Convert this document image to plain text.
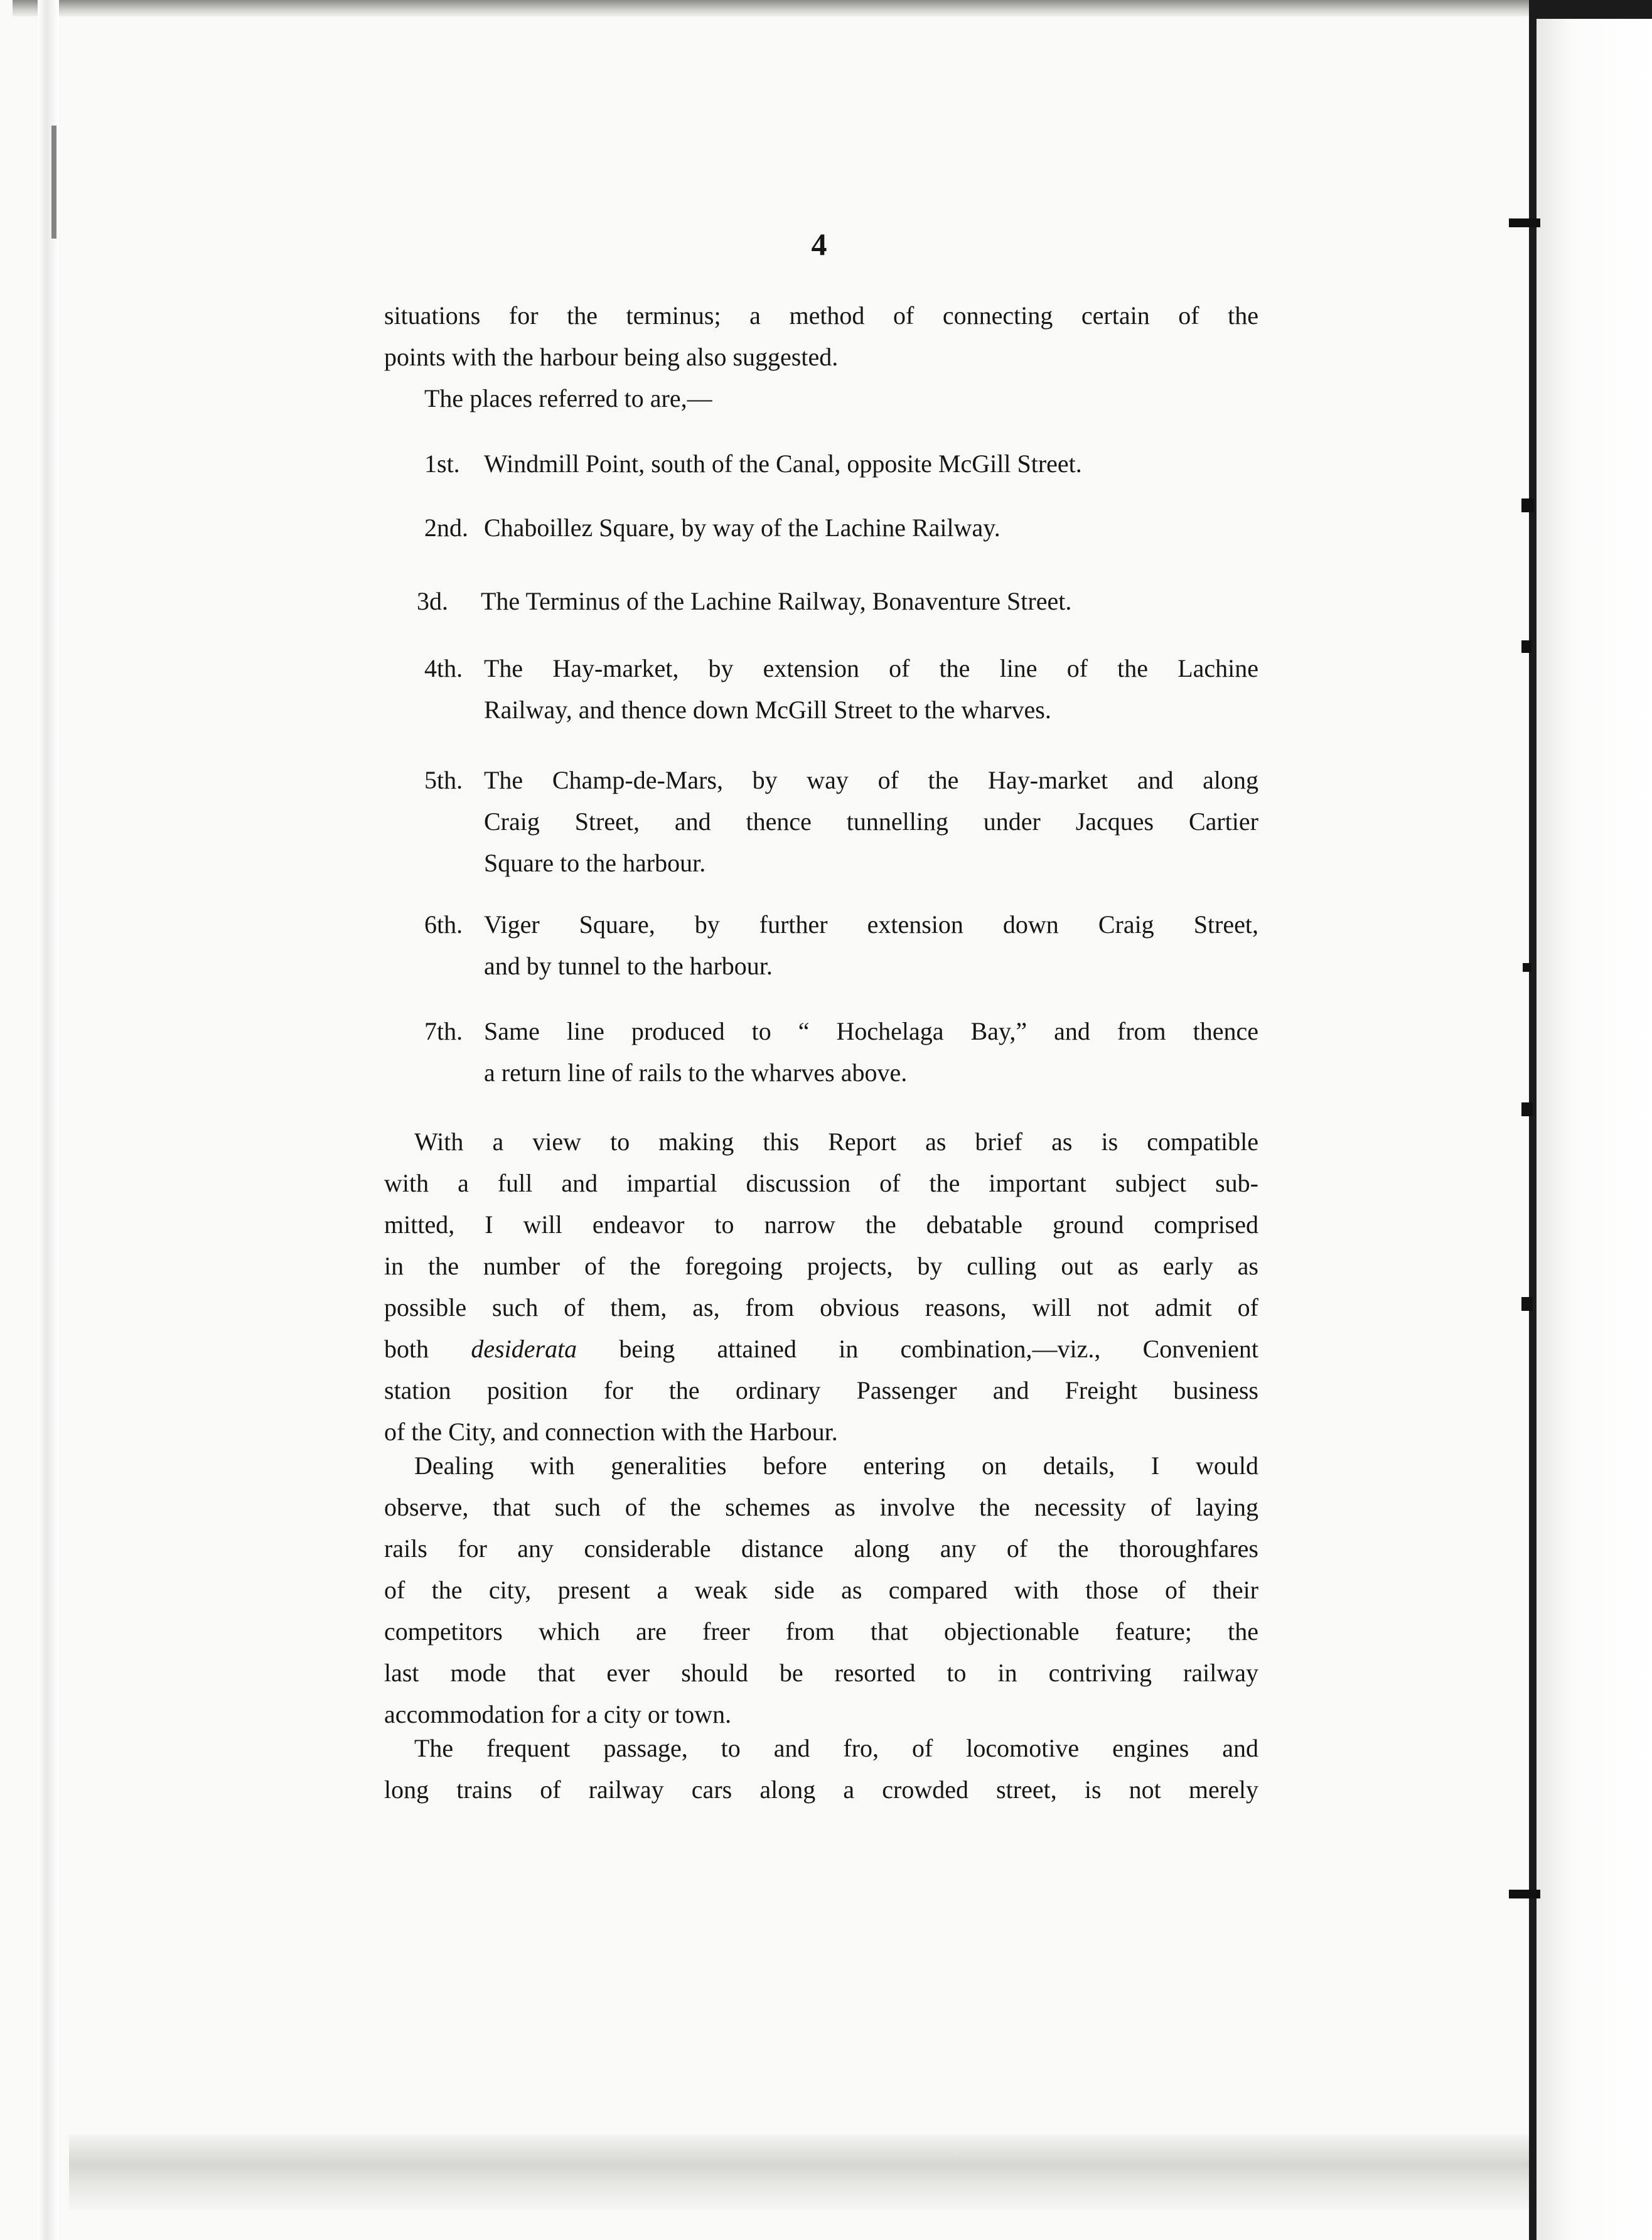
4
situations for the terminus; a method of connecting certain of the
points with the harbour being also suggested.
The places referred to are,—
1st. Windmill Point, south of the Canal, opposite McGill Street.
2nd. Chaboillez Square, by way of the Lachine Railway.
3d.	The Terminus of the Lachine Railway, Bonaventure Street.
4th. The Hay-market, by extension of the line of the Lachine
Railway, and thence down McGill Street to the wharves.
5th. The Champ-de-Mars, by way of the Hay-market and along
Craig Street, and thence tunnelling under Jacques Cartier
Square to the harbour.
6th. Viger Square, by further extension down Craig Street,
and by tunnel to the harbour.
7th. Same line produced to “ Hochelaga Bay,” and from thence
a return line of rails to the wharves above.
With a view to making this Report as brief as is compatible
with a full and impartial discussion of the important subject sub-
mitted, I will endeavor to narrow the debatable ground comprised
in the number of the foregoing projects, by culling out as early as
possible such of them, as, from obvious reasons, will not admit of
both desiderata being attained in combination,—viz., Convenient
station position for the ordinary Passenger and Freight business
of the City, and connection with the Harbour.
Dealing with generalities before entering on details, I would
observe, that such of the schemes as involve the necessity of laying
rails for any considerable distance along any of the thoroughfares
of the city, present a weak side as compared with those of their
competitors which are freer from that objectionable feature; the
last mode that ever should be resorted to in contriving railway
accommodation for a city or town.
The frequent passage, to and fro, of locomotive engines and
long trains of railway cars along a crowded street, is not merely
